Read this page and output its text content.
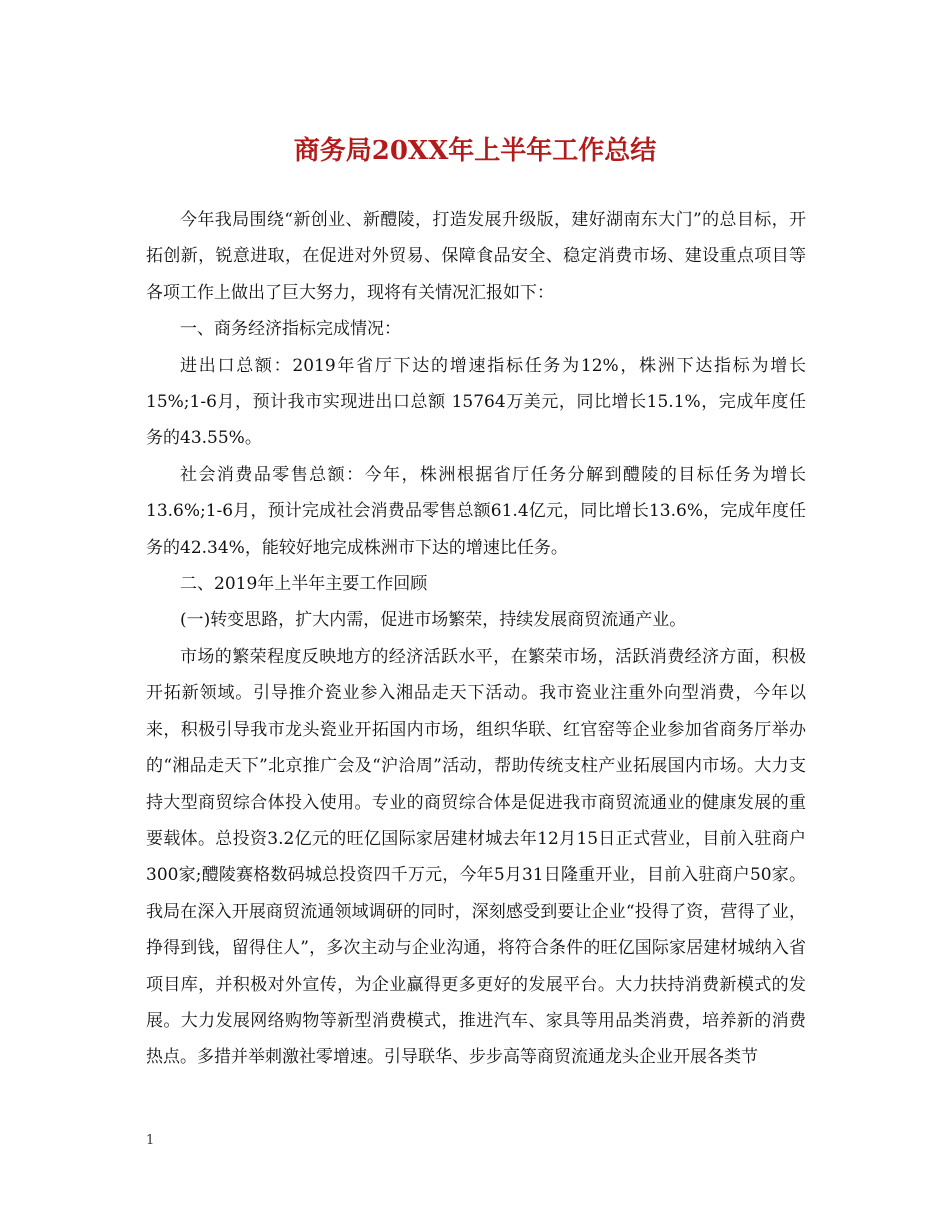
商务局20XX年上半年工作总结

今年我局围绕“新创业、新醴陵，打造发展升级版，建好湖南东大门”的总目标，开拓创新，锐意进取，在促进对外贸易、保障食品安全、稳定消费市场、建设重点项目等各项工作上做出了巨大努力，现将有关情况汇报如下：

一、商务经济指标完成情况：

进出口总额：2019年省厅下达的增速指标任务为12%，株洲下达指标为增长15%;1-6月，预计我市实现进出口总额 15764万美元，同比增长15.1%，完成年度任务的43.55%。

社会消费品零售总额：今年，株洲根据省厅任务分解到醴陵的目标任务为增长13.6%;1-6月，预计完成社会消费品零售总额61.4亿元，同比增长13.6%，完成年度任务的42.34%，能较好地完成株洲市下达的增速比任务。

二、2019年上半年主要工作回顾

(一)转变思路，扩大内需，促进市场繁荣，持续发展商贸流通产业。

市场的繁荣程度反映地方的经济活跃水平，在繁荣市场，活跃消费经济方面，积极开拓新领域。引导推介瓷业参入湘品走天下活动。我市瓷业注重外向型消费，今年以来，积极引导我市龙头瓷业开拓国内市场，组织华联、红官窑等企业参加省商务厅举办的“湘品走天下”北京推广会及“沪洽周”活动，帮助传统支柱产业拓展国内市场。大力支持大型商贸综合体投入使用。专业的商贸综合体是促进我市商贸流通业的健康发展的重要载体。总投资3.2亿元的旺亿国际家居建材城去年12月15日正式营业，目前入驻商户300家;醴陵赛格数码城总投资四千万元，今年5月31日隆重开业，目前入驻商户50家。我局在深入开展商贸流通领域调研的同时，深刻感受到要让企业“投得了资，营得了业，挣得到钱，留得住人”，多次主动与企业沟通，将符合条件的旺亿国际家居建材城纳入省项目库，并积极对外宣传，为企业赢得更多更好的发展平台。大力扶持消费新模式的发展。大力发展网络购物等新型消费模式，推进汽车、家具等用品类消费，培养新的消费热点。多措并举刺激社零增速。引导联华、步步高等商贸流通龙头企业开展各类节

1
